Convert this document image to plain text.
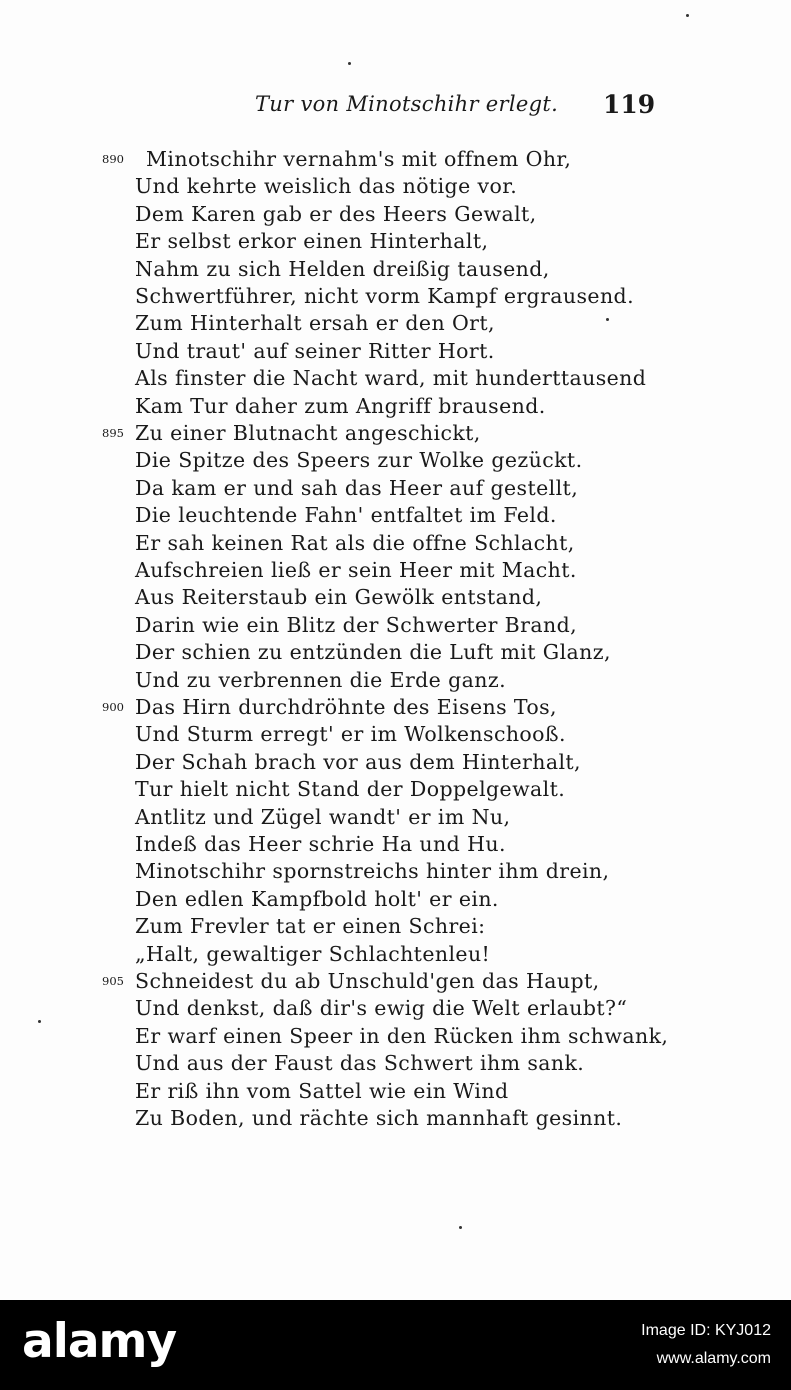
Tur von Minotschihr erlegt. 119
890 Minotschihr vernahm's mit offnem Ohr,
Und kehrte weislich das nötige vor.
Dem Karen gab er des Heers Gewalt,
Er selbst erkor einen Hinterhalt,
Nahm zu sich Helden dreißig tausend,
Schwertführer, nicht vorm Kampf ergrausend.
Zum Hinterhalt ersah er den Ort,
Und traut' auf seiner Ritter Hort.
Als finster die Nacht ward, mit hunderttausend
Kam Tur daher zum Angriff brausend.
895 Zu einer Blutnacht angeschickt,
Die Spitze des Speers zur Wolke gezückt.
Da kam er und sah das Heer auf gestellt,
Die leuchtende Fahn' entfaltet im Feld.
Er sah keinen Rat als die offne Schlacht,
Aufschreien ließ er sein Heer mit Macht.
Aus Reiterstaub ein Gewölk entstand,
Darin wie ein Blitz der Schwerter Brand,
Der schien zu entzünden die Luft mit Glanz,
Und zu verbrennen die Erde ganz.
900 Das Hirn durchdröhnte des Eisens Tos,
Und Sturm erregt' er im Wolkenschooß.
Der Schah brach vor aus dem Hinterhalt,
Tur hielt nicht Stand der Doppelgewalt.
Antlitz und Zügel wandt' er im Nu,
Indeß das Heer schrie Ha und Hu.
Minotschihr spornstreichs hinter ihm drein,
Den edlen Kampfbold holt' er ein.
Zum Frevler tat er einen Schrei:
„Halt, gewaltiger Schlachtenleu!
905 Schneidest du ab Unschuld'gen das Haupt,
Und denkst, daß dir's ewig die Welt erlaubt?“
Er warf einen Speer in den Rücken ihm schwank,
Und aus der Faust das Schwert ihm sank.
Er riß ihn vom Sattel wie ein Wind
Zu Boden, und rächte sich mannhaft gesinnt.
alamy	Image ID: KYJ012
www.alamy.com
